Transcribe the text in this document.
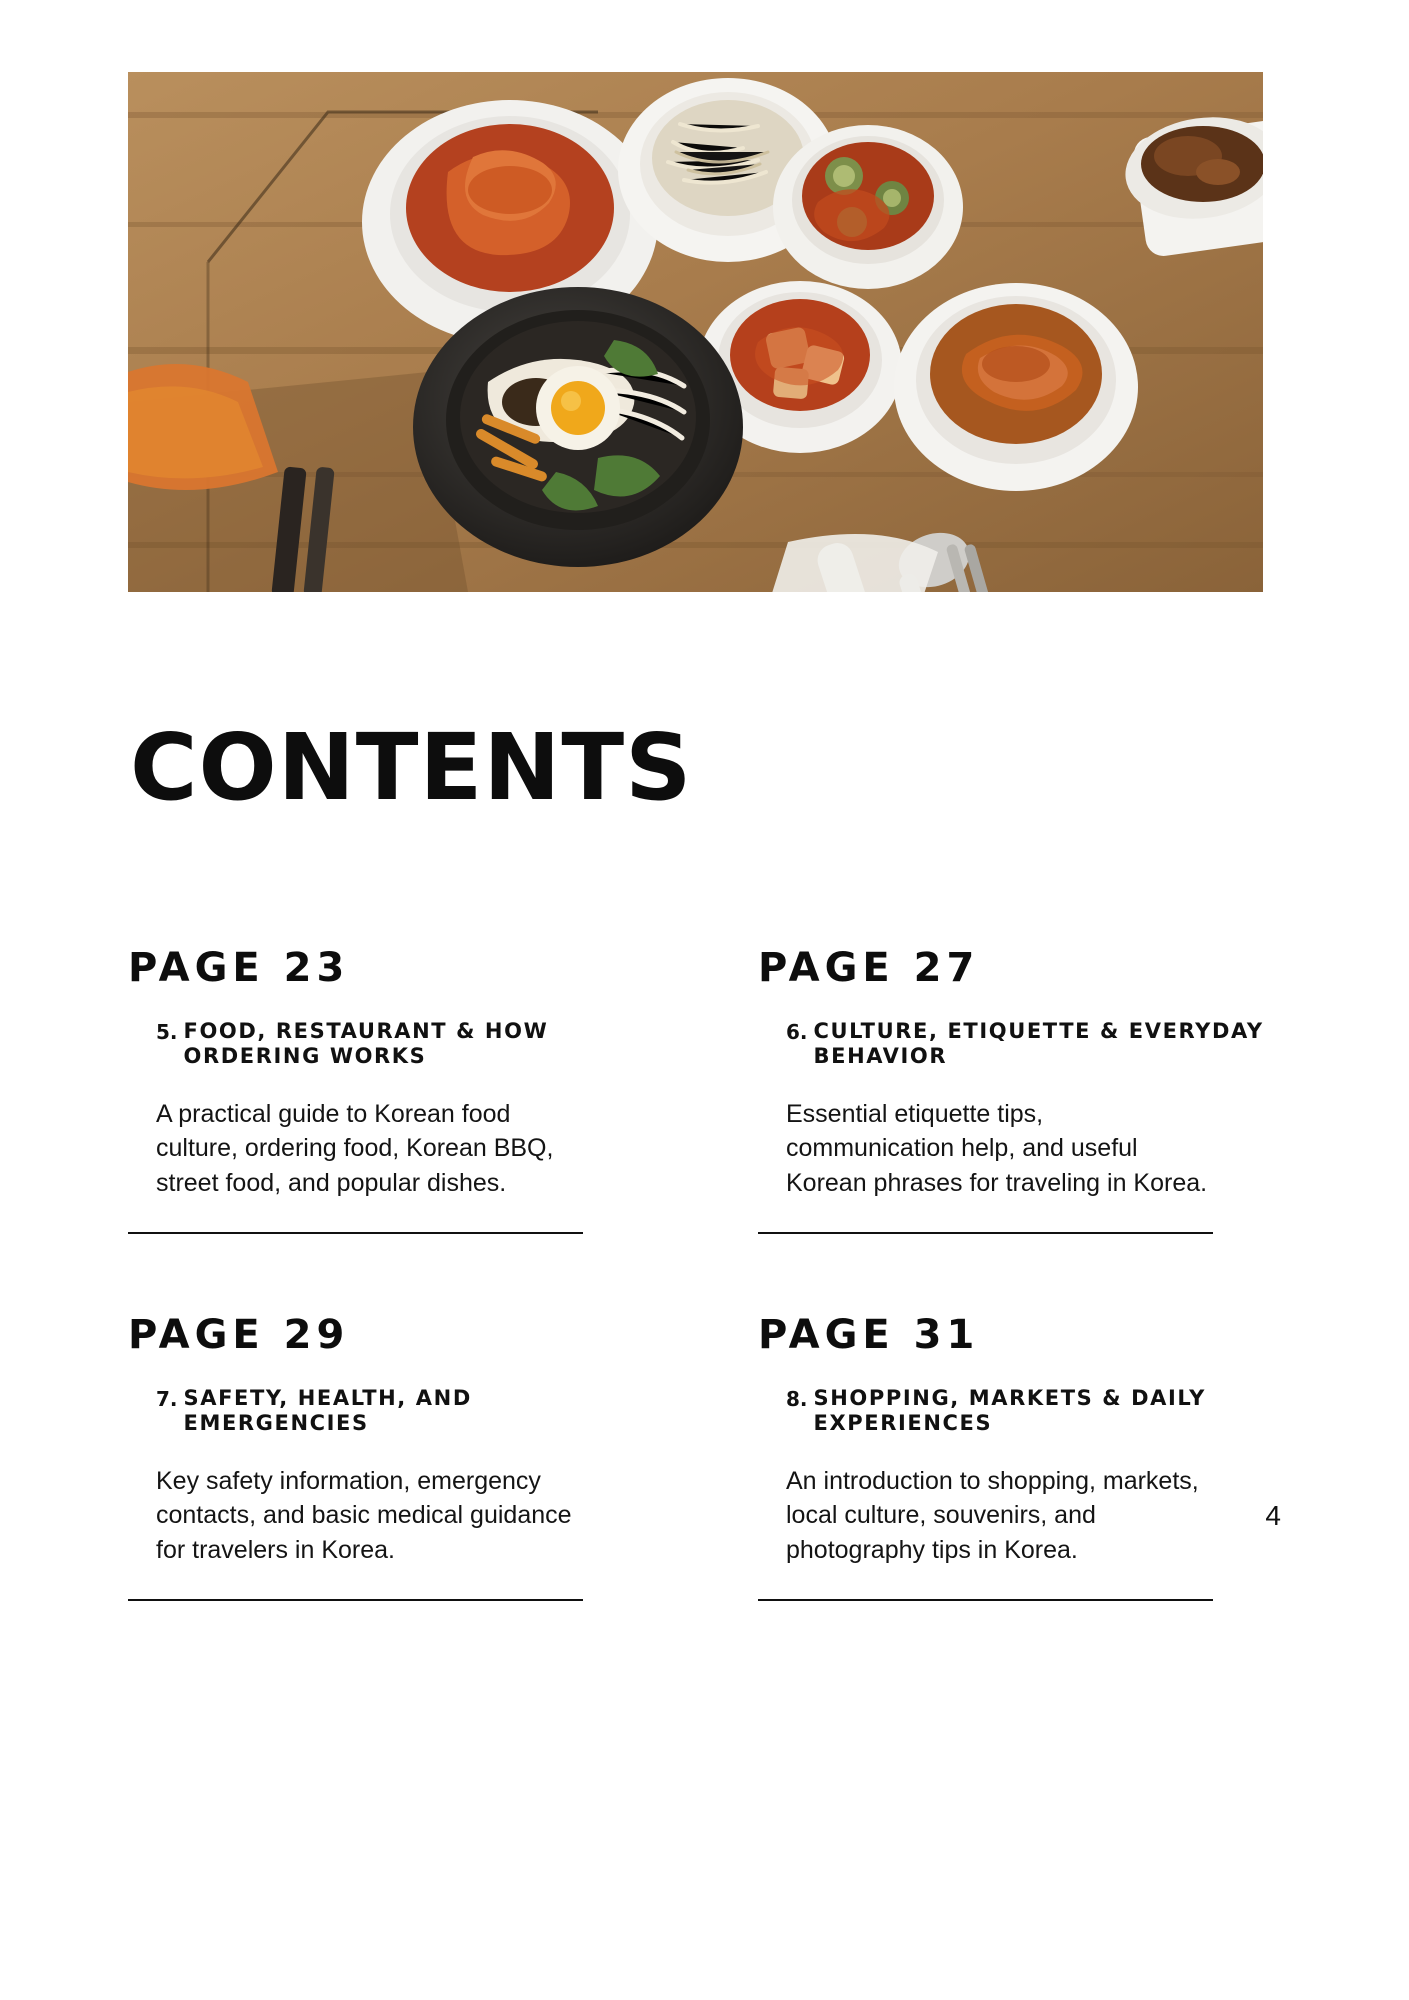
CONTENTS
PAGE 23
5. FOOD, RESTAURANT & HOW ORDERING WORKS
A practical guide to Korean food culture, ordering food, Korean BBQ, street food, and popular dishes.
PAGE 27
6. CULTURE, ETIQUETTE & EVERYDAY BEHAVIOR
Essential etiquette tips, communication help, and useful Korean phrases for traveling in Korea.
PAGE 29
7. SAFETY, HEALTH, AND EMERGENCIES
Key safety information, emergency contacts, and basic medical guidance for travelers in Korea.
PAGE 31
8. SHOPPING, MARKETS & DAILY EXPERIENCES
An introduction to shopping, markets, local culture, souvenirs, and photography tips in Korea.
4
